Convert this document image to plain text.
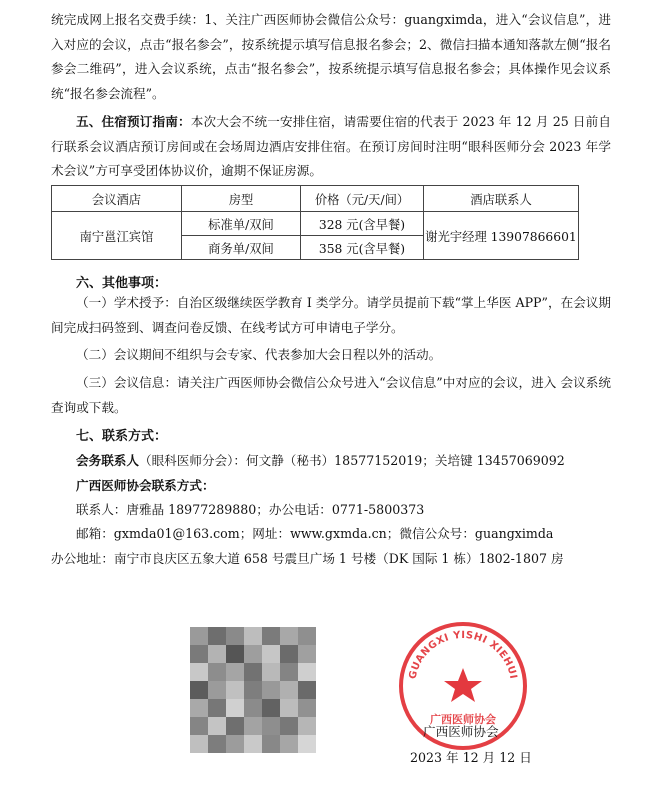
统完成网上报名交费手续：1、关注广西医师协会微信公众号：guangximda，进入“会议信息”，进入对应的会议，点击“报名参会”，按系统提示填写信息报名参会；2、微信扫描本通知落款左侧“报名参会二维码”，进入会议系统，点击“报名参会”，按系统提示填写信息报名参会；具体操作见会议系统“报名参会流程”。

五、住宿预订指南：本次大会不统一安排住宿，请需要住宿的代表于 2023 年 12 月 25 日前自行联系会议酒店预订房间或在会场周边酒店安排住宿。在预订房间时注明“眼科医师分会 2023 年学术会议”方可享受团体协议价，逾期不保证房源。

会议酒店	房型	价格（元/天/间）	酒店联系人
南宁邕江宾馆	标准单/双间	328 元(含早餐)	谢光宇经理 13907866601
	商务单/双间	358 元(含早餐)	

六、其他事项：

（一）学术授予：自治区级继续医学教育 I 类学分。请学员提前下载“掌上华医 APP”，在会议期间完成扫码签到、调查问卷反馈、在线考试方可申请电子学分。

（二）会议期间不组织与会专家、代表参加大会日程以外的活动。

（三）会议信息：请关注广西医师协会微信公众号进入“会议信息”中对应的会议，进入 会议系统查询或下载。

七、联系方式：

会务联系人（眼科医师分会）：何文静（秘书）18577152019；关培键 13457069092

广西医师协会联系方式：

联系人：唐雅晶 18977289880；办公电话：0771-5800373

邮箱：gxmda01@163.com；网址：www.gxmda.cn；微信公众号：guangximda

办公地址：南宁市良庆区五象大道 658 号震旦广场 1 号楼（DK 国际 1 栋）1802-1807 房

GUANGXI YISHI XIEHUI
广西医师协会
广西医师协会
2023 年 12 月 12 日
